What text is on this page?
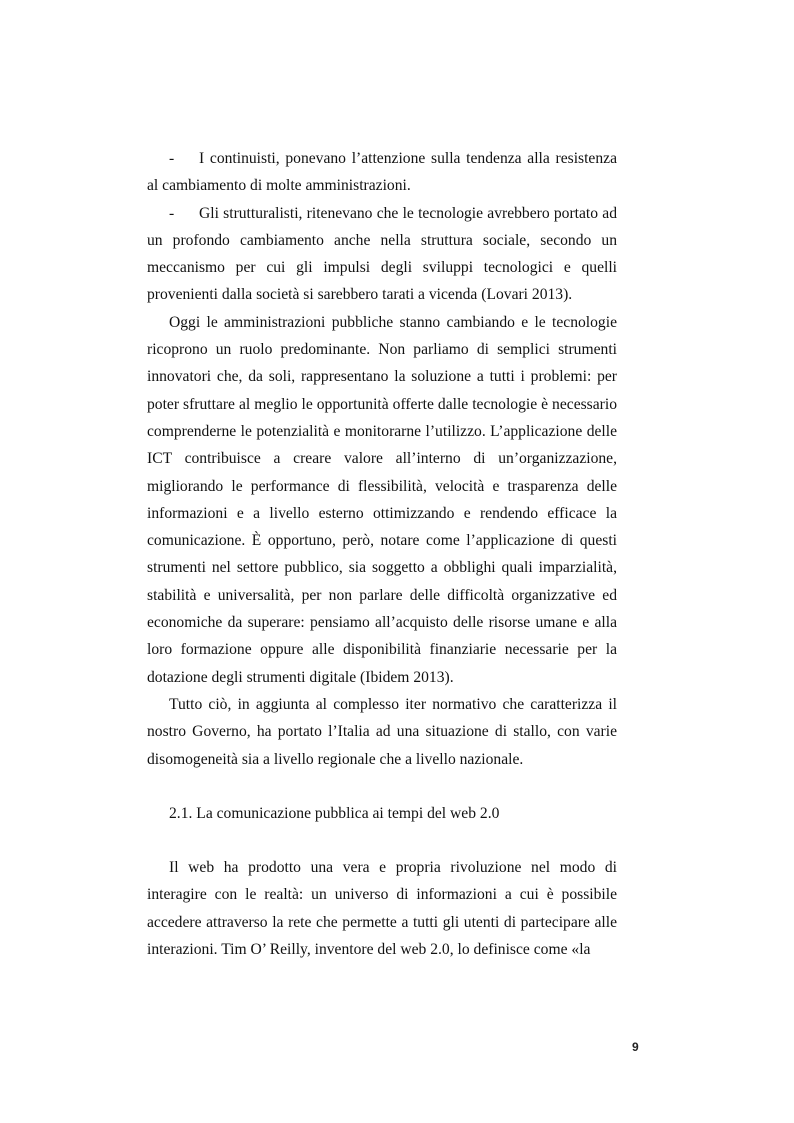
- I continuisti, ponevano l’attenzione sulla tendenza alla resistenza al cambiamento di molte amministrazioni.

- Gli strutturalisti, ritenevano che le tecnologie avrebbero portato ad un profondo cambiamento anche nella struttura sociale, secondo un meccanismo per cui gli impulsi degli sviluppi tecnologici e quelli provenienti dalla società si sarebbero tarati a vicenda (Lovari 2013).

Oggi le amministrazioni pubbliche stanno cambiando e le tecnologie ricoprono un ruolo predominante. Non parliamo di semplici strumenti innovatori che, da soli, rappresentano la soluzione a tutti i problemi: per poter sfruttare al meglio le opportunità offerte dalle tecnologie è necessario comprenderne le potenzialità e monitorarne l’utilizzo. L’applicazione delle ICT contribuisce a creare valore all’interno di un’organizzazione, migliorando le performance di flessibilità, velocità e trasparenza delle informazioni e a livello esterno ottimizzando e rendendo efficace la comunicazione. È opportuno, però, notare come l’applicazione di questi strumenti nel settore pubblico, sia soggetto a obblighi quali imparzialità, stabilità e universalità, per non parlare delle difficoltà organizzative ed economiche da superare: pensiamo all’acquisto delle risorse umane e alla loro formazione oppure alle disponibilità finanziarie necessarie per la dotazione degli strumenti digitale (Ibidem 2013).

Tutto ciò, in aggiunta al complesso iter normativo che caratterizza il nostro Governo, ha portato l’Italia ad una situazione di stallo, con varie disomogeneità sia a livello regionale che a livello nazionale.

2.1. La comunicazione pubblica ai tempi del web 2.0

Il web ha prodotto una vera e propria rivoluzione nel modo di interagire con le realtà: un universo di informazioni a cui è possibile accedere attraverso la rete che permette a tutti gli utenti di partecipare alle interazioni. Tim O’ Reilly, inventore del web 2.0, lo definisce come «la

9
